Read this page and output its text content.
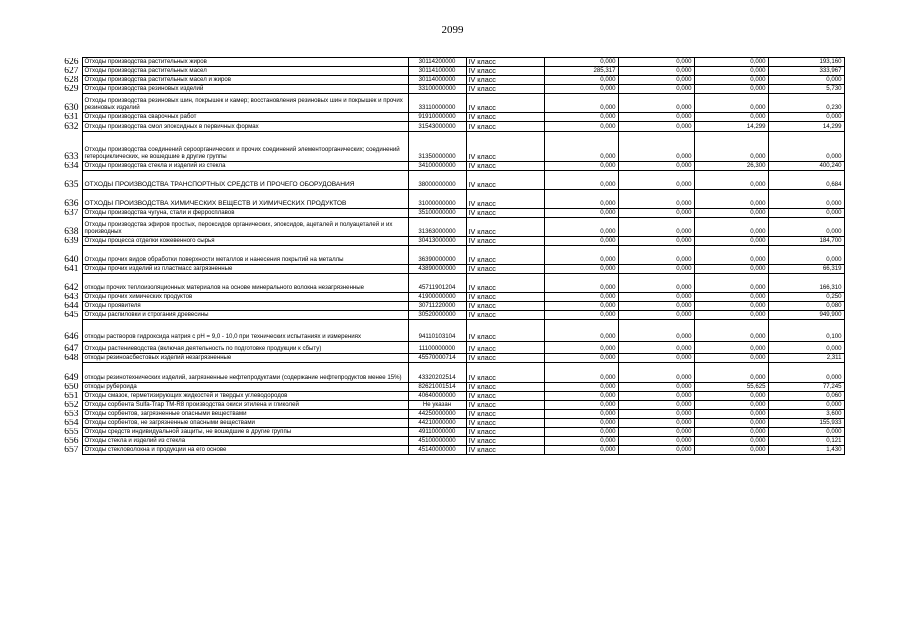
2099
626	Отходы производства растительных жиров	30114200000	IV класс	0,000	0,000	0,000	193,160
627	Отходы производства растительных масел	30114100000	IV класс	285,317	0,000	0,000	333,967
628	Отходы производства растительных масел и жиров	30114000000	IV класс	0,000	0,000	0,000	0,000
629	Отходы производства резиновых изделий	33100000000	IV класс	0,000	0,000	0,000	5,730
630	Отходы производства резиновых шин, покрышек и камер; восстановления резиновых шин и покрышек и прочих резиновых изделий	33110000000	IV класс	0,000	0,000	0,000	0,230
631	Отходы производства сварочных работ	91910000000	IV класс	0,000	0,000	0,000	0,000
632	Отходы производства смол эпоксидных в первичных формах	31543000000	IV класс	0,000	0,000	14,299	14,299
633	Отходы производства соединений сероорганических и прочих соединений элементоорганических; соединений гетероциклических, не вошедшие в другие группы	31350000000	IV класс	0,000	0,000	0,000	0,000
634	Отходы производства стекла и изделий из стекла	34100000000	IV класс	0,000	0,000	26,300	400,240
635	ОТХОДЫ ПРОИЗВОДСТВА ТРАНСПОРТНЫХ СРЕДСТВ И ПРОЧЕГО ОБОРУДОВАНИЯ	38000000000	IV класс	0,000	0,000	0,000	0,684
636	ОТХОДЫ ПРОИЗВОДСТВА ХИМИЧЕСКИХ ВЕЩЕСТВ И ХИМИЧЕСКИХ ПРОДУКТОВ	31000000000	IV класс	0,000	0,000	0,000	0,000
637	Отходы производства чугуна, стали и ферросплавов	35100000000	IV класс	0,000	0,000	0,000	0,000
638	Отходы производства эфиров простых, пероксидов органических, эпоксидов, ацеталей и полуацеталей и их производных	31363000000	IV класс	0,000	0,000	0,000	0,000
639	Отходы процесса отделки кожевенного сырья	30413000000	IV класс	0,000	0,000	0,000	184,700
640	Отходы прочих видов обработки поверхности металлов и нанесения покрытий на металлы	36390000000	IV класс	0,000	0,000	0,000	0,000
641	Отходы прочих изделий из пластмасс загрязненные	43890000000	IV класс	0,000	0,000	0,000	66,319
642	отходы прочих теплоизоляционных материалов на основе минерального волокна незагрязненные	45711901204	IV класс	0,000	0,000	0,000	166,310
643	Отходы прочих химических продуктов	41900000000	IV класс	0,000	0,000	0,000	0,250
644	Отходы проявителя	30711220000	IV класс	0,000	0,000	0,000	0,080
645	Отходы распиловки и строгания древесины	30520000000	IV класс	0,000	0,000	0,000	949,900
646	отходы растворов гидроксида натрия с pH = 9,0 - 10,0 при технических испытаниях и измерениях	94110103104	IV класс	0,000	0,000	0,000	0,100
647	Отходы растениеводства (включая деятельность по подготовке продукции к сбыту)	11100000000	IV класс	0,000	0,000	0,000	0,000
648	отходы резиноасбестовых изделий незагрязненные	45570000714	IV класс	0,000	0,000	0,000	2,311
649	отходы резинотехнических изделий, загрязненные нефтепродуктами (содержание нефтепродуктов менее 15%)	43320202514	IV класс	0,000	0,000	0,000	0,000
650	отходы рубероида	82621001514	IV класс	0,000	0,000	55,625	77,245
651	Отходы смазок, герметизирующих жидкостей и твердых углеводородов	40640000000	IV класс	0,000	0,000	0,000	0,060
652	Отходы сорбента Sulfa-Trap TM-R8 производства окиси этилена и гликолей	Не указан	IV класс	0,000	0,000	0,000	0,000
653	Отходы сорбентов, загрязненные опасными веществами	44250000000	IV класс	0,000	0,000	0,000	3,600
654	Отходы сорбентов, не загрязненные опасными веществами	44210000000	IV класс	0,000	0,000	0,000	155,933
655	Отходы средств индивидуальной защиты, не вошедшие в другие группы	49110000000	IV класс	0,000	0,000	0,000	0,000
656	Отходы стекла и изделий из стекла	45100000000	IV класс	0,000	0,000	0,000	0,121
657	Отходы стекловолокна и продукции на его основе	45140000000	IV класс	0,000	0,000	0,000	1,430
